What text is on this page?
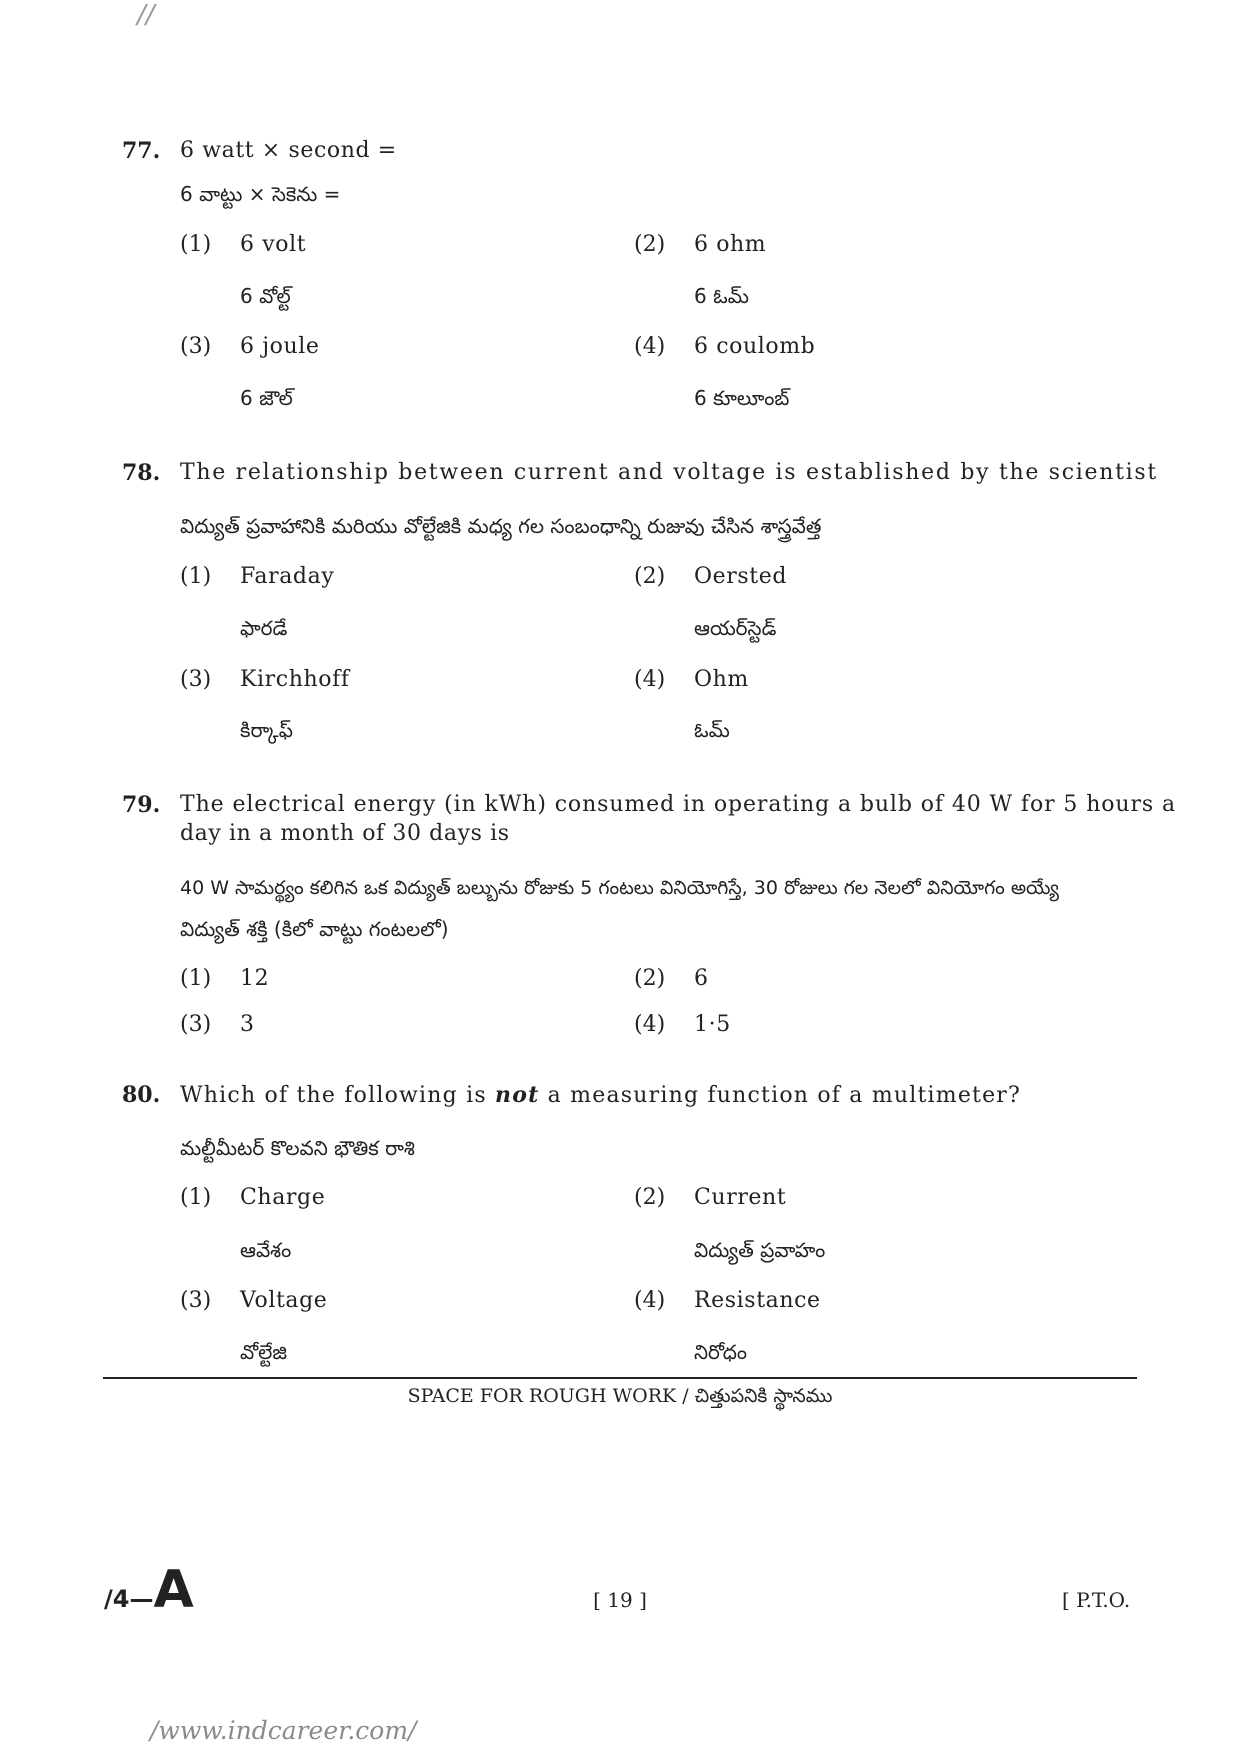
//
77. 6 watt × second =
6 వాట్టు × సెకెను =
(1) 6 volt
6 వోల్ట్
(2) 6 ohm
6 ఓమ్
(3) 6 joule
6 జౌల్
(4) 6 coulomb
6 కూలూంబ్
78. The relationship between current and voltage is established by the scientist
విద్యుత్ ప్రవాహానికి మరియు వోల్టేజికి మధ్య గల సంబంధాన్ని రుజువు చేసిన శాస్త్రవేత్త
(1) Faraday
ఫారడే
(2) Oersted
ఆయర్‌స్టెడ్
(3) Kirchhoff
కిర్కాఫ్
(4) Ohm
ఓమ్
79. The electrical energy (in kWh) consumed in operating a bulb of 40 W for 5 hours a
day in a month of 30 days is
40 W సామర్థ్యం కలిగిన ఒక విద్యుత్ బల్బును రోజుకు 5 గంటలు వినియోగిస్తే, 30 రోజులు గల నెలలో వినియోగం అయ్యే
విద్యుత్ శక్తి (కిలో వాట్టు గంటలలో)
(1) 12	(2) 6
(3) 3	(4) 1·5
80. Which of the following is not a measuring function of a multimeter?
మల్టీమీటర్ కొలవని భౌతిక రాశి
(1) Charge
ఆవేశం
(2) Current
విద్యుత్ ప్రవాహం
(3) Voltage
వోల్టేజి
(4) Resistance
నిరోధం
SPACE FOR ROUGH WORK / చిత్తుపనికి స్థానము
/4—A	[ 19 ]	[ P.T.O.
/www.indcareer.com/
